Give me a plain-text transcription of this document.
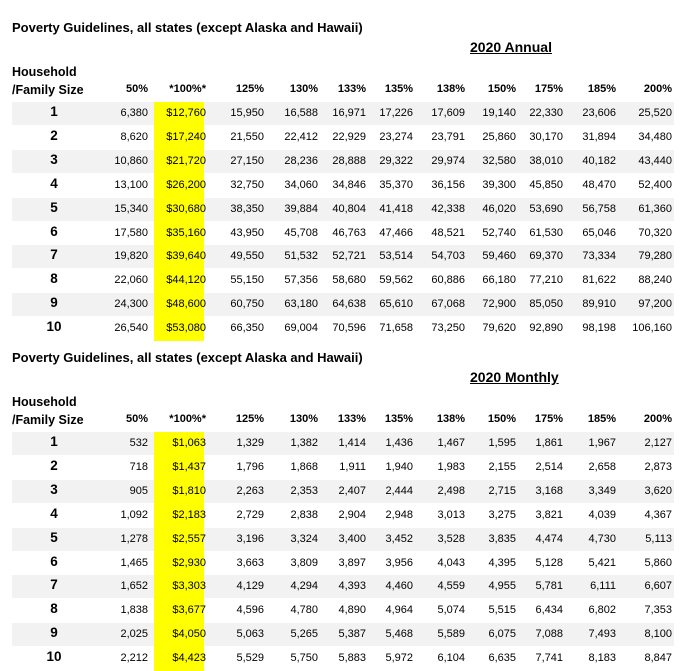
Poverty Guidelines, all states (except Alaska and Hawaii)
2020 Annual
Household
/Family Size	50%	*100%*	125%	130%	133%	135%	138%	150%	175%	185%	200%
1	6,380	$12,760	15,950	16,588	16,971	17,226	17,609	19,140	22,330	23,606	25,520
2	8,620	$17,240	21,550	22,412	22,929	23,274	23,791	25,860	30,170	31,894	34,480
3	10,860	$21,720	27,150	28,236	28,888	29,322	29,974	32,580	38,010	40,182	43,440
4	13,100	$26,200	32,750	34,060	34,846	35,370	36,156	39,300	45,850	48,470	52,400
5	15,340	$30,680	38,350	39,884	40,804	41,418	42,338	46,020	53,690	56,758	61,360
6	17,580	$35,160	43,950	45,708	46,763	47,466	48,521	52,740	61,530	65,046	70,320
7	19,820	$39,640	49,550	51,532	52,721	53,514	54,703	59,460	69,370	73,334	79,280
8	22,060	$44,120	55,150	57,356	58,680	59,562	60,886	66,180	77,210	81,622	88,240
9	24,300	$48,600	60,750	63,180	64,638	65,610	67,068	72,900	85,050	89,910	97,200
10	26,540	$53,080	66,350	69,004	70,596	71,658	73,250	79,620	92,890	98,198	106,160
Poverty Guidelines, all states (except Alaska and Hawaii)
2020 Monthly
Household
/Family Size	50%	*100%*	125%	130%	133%	135%	138%	150%	175%	185%	200%
1	532	$1,063	1,329	1,382	1,414	1,436	1,467	1,595	1,861	1,967	2,127
2	718	$1,437	1,796	1,868	1,911	1,940	1,983	2,155	2,514	2,658	2,873
3	905	$1,810	2,263	2,353	2,407	2,444	2,498	2,715	3,168	3,349	3,620
4	1,092	$2,183	2,729	2,838	2,904	2,948	3,013	3,275	3,821	4,039	4,367
5	1,278	$2,557	3,196	3,324	3,400	3,452	3,528	3,835	4,474	4,730	5,113
6	1,465	$2,930	3,663	3,809	3,897	3,956	4,043	4,395	5,128	5,421	5,860
7	1,652	$3,303	4,129	4,294	4,393	4,460	4,559	4,955	5,781	6,111	6,607
8	1,838	$3,677	4,596	4,780	4,890	4,964	5,074	5,515	6,434	6,802	7,353
9	2,025	$4,050	5,063	5,265	5,387	5,468	5,589	6,075	7,088	7,493	8,100
10	2,212	$4,423	5,529	5,750	5,883	5,972	6,104	6,635	7,741	8,183	8,847
